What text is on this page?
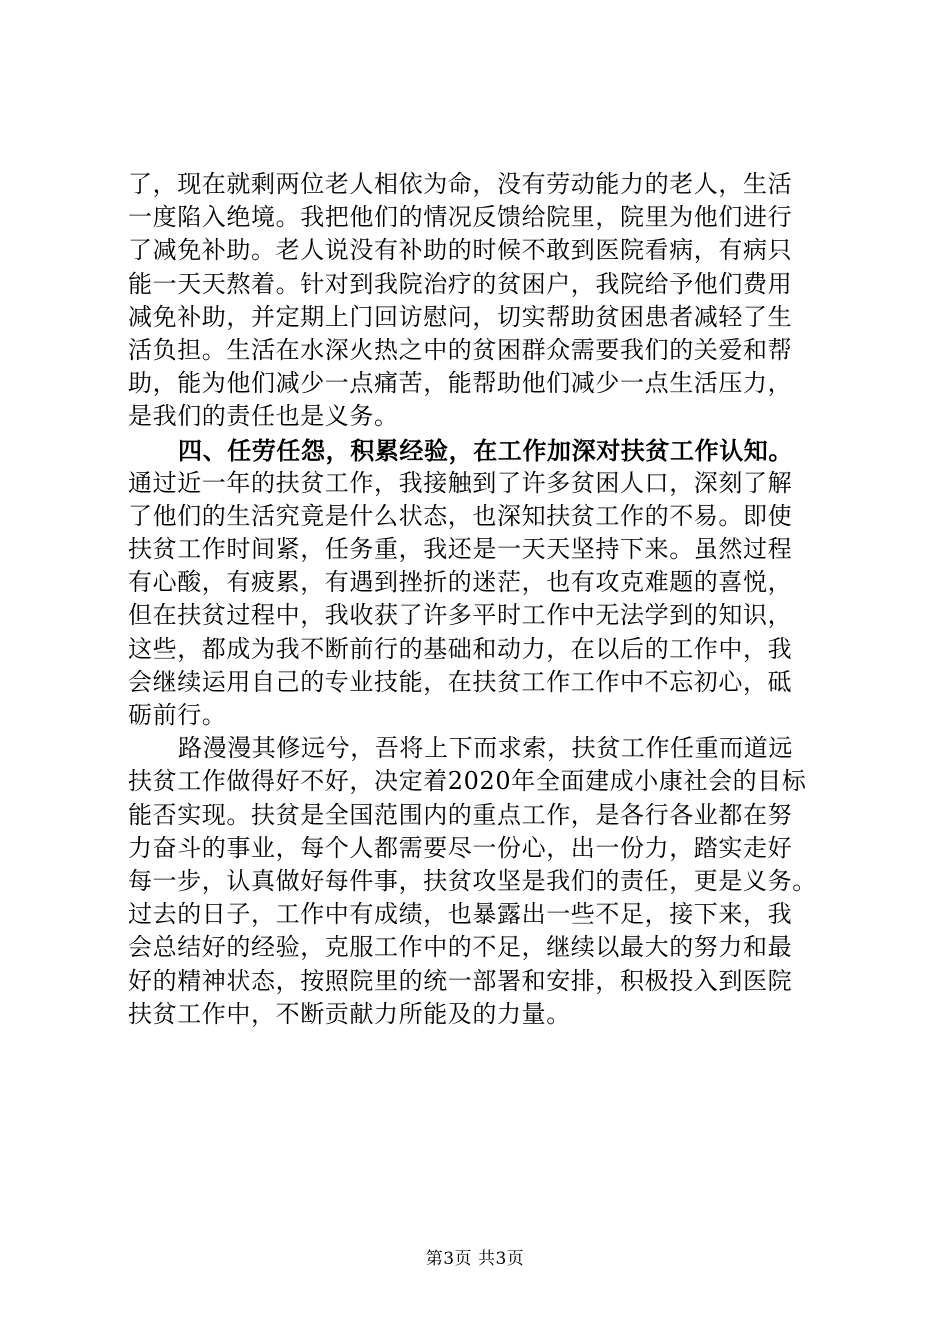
了，现在就剩两位老人相依为命，没有劳动能力的老人，生活
一度陷入绝境。我把他们的情况反馈给院里，院里为他们进行
了减免补助。老人说没有补助的时候不敢到医院看病，有病只
能一天天熬着。针对到我院治疗的贫困户，我院给予他们费用
减免补助，并定期上门回访慰问，切实帮助贫困患者减轻了生
活负担。生活在水深火热之中的贫困群众需要我们的关爱和帮
助，能为他们减少一点痛苦，能帮助他们减少一点生活压力，
是我们的责任也是义务。
四、任劳任怨，积累经验，在工作加深对扶贫工作认知。
通过近一年的扶贫工作，我接触到了许多贫困人口，深刻了解
了他们的生活究竟是什么状态，也深知扶贫工作的不易。即使
扶贫工作时间紧，任务重，我还是一天天坚持下来。虽然过程
有心酸，有疲累，有遇到挫折的迷茫，也有攻克难题的喜悦，
但在扶贫过程中，我收获了许多平时工作中无法学到的知识，
这些，都成为我不断前行的基础和动力，在以后的工作中，我
会继续运用自己的专业技能，在扶贫工作工作中不忘初心，砥
砺前行。
路漫漫其修远兮，吾将上下而求索，扶贫工作任重而道远
扶贫工作做得好不好，决定着2020年全面建成小康社会的目标
能否实现。扶贫是全国范围内的重点工作，是各行各业都在努
力奋斗的事业，每个人都需要尽一份心，出一份力，踏实走好
每一步，认真做好每件事，扶贫攻坚是我们的责任，更是义务。
过去的日子，工作中有成绩，也暴露出一些不足，接下来，我
会总结好的经验，克服工作中的不足，继续以最大的努力和最
好的精神状态，按照院里的统一部署和安排，积极投入到医院
扶贫工作中，不断贡献力所能及的力量。
第3页 共3页
